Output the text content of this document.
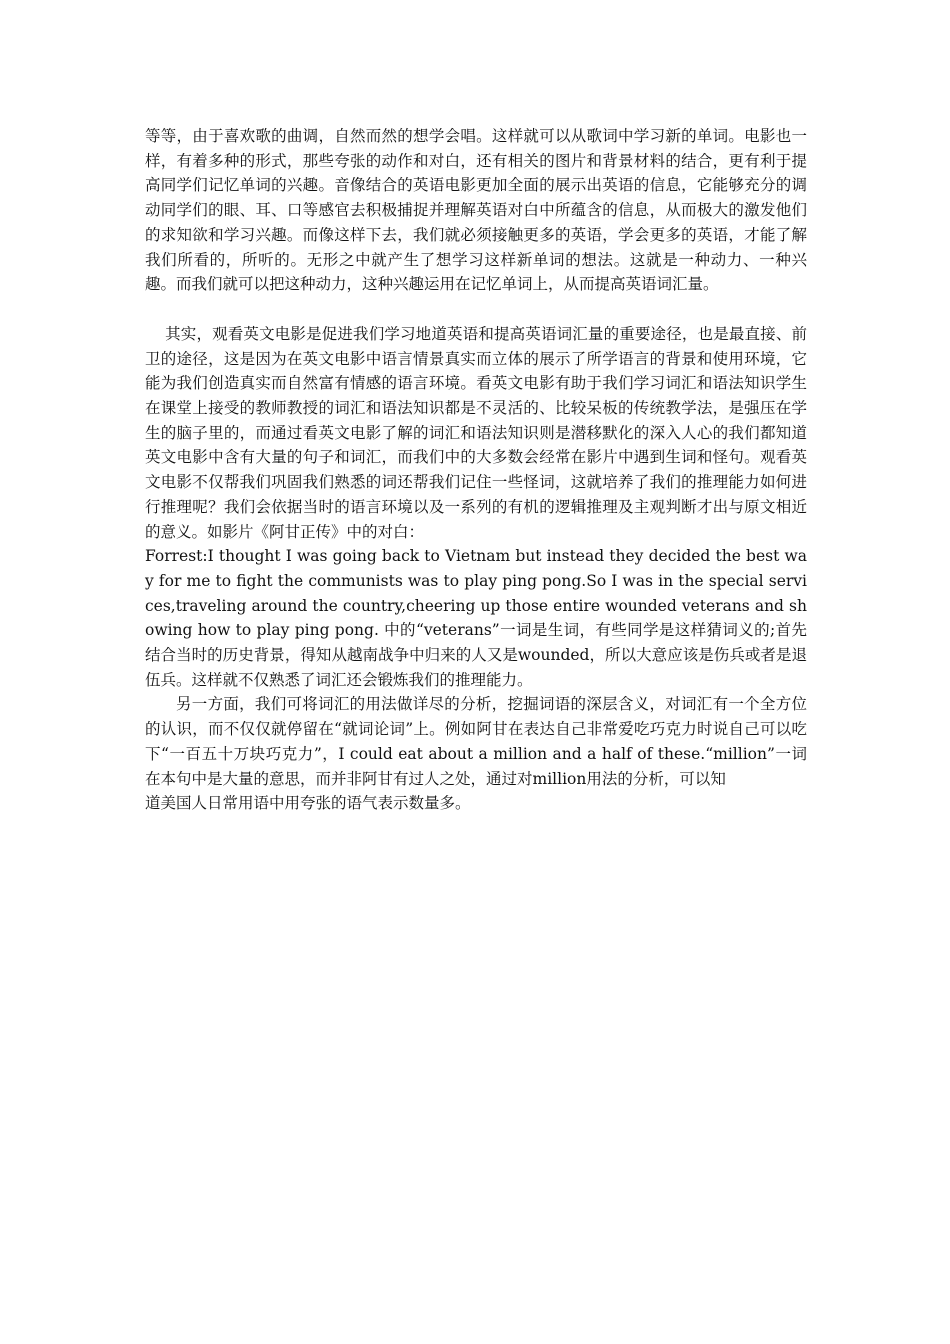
等等，由于喜欢歌的曲调，自然而然的想学会唱。这样就可以从歌词中学习新的单词。电影也一样，有着多种的形式，那些夸张的动作和对白，还有相关的图片和背景材料的结合，更有利于提高同学们记忆单词的兴趣。音像结合的英语电影更加全面的展示出英语的信息，它能够充分的调动同学们的眼、耳、口等感官去积极捕捉并理解英语对白中所蕴含的信息，从而极大的激发他们的求知欲和学习兴趣。而像这样下去，我们就必须接触更多的英语，学会更多的英语，才能了解我们所看的，所听的。无形之中就产生了想学习这样新单词的想法。这就是一种动力、一种兴趣。而我们就可以把这种动力，这种兴趣运用在记忆单词上，从而提高英语词汇量。

其实，观看英文电影是促进我们学习地道英语和提高英语词汇量的重要途径，也是最直接、前卫的途径，这是因为在英文电影中语言情景真实而立体的展示了所学语言的背景和使用环境，它能为我们创造真实而自然富有情感的语言环境。看英文电影有助于我们学习词汇和语法知识学生在课堂上接受的教师教授的词汇和语法知识都是不灵活的、比较呆板的传统教学法，是强压在学生的脑子里的，而通过看英文电影了解的词汇和语法知识则是潜移默化的深入人心的我们都知道英文电影中含有大量的句子和词汇，而我们中的大多数会经常在影片中遇到生词和怪句。观看英文电影不仅帮我们巩固我们熟悉的词还帮我们记住一些怪词，这就培养了我们的推理能力如何进行推理呢？我们会依据当时的语言环境以及一系列的有机的逻辑推理及主观判断才出与原文相近的意义。如影片《阿甘正传》中的对白：

Forrest:I thought I was going back to Vietnam but instead they decided the best way for me to fight the communists was to play ping pong.So I was in the special services,traveling around the country,cheering up those entire wounded veterans and showing how to play ping pong. 中的“veterans”一词是生词，有些同学是这样猜词义的;首先结合当时的历史背景，得知从越南战争中归来的人又是wounded，所以大意应该是伤兵或者是退伍兵。这样就不仅熟悉了词汇还会锻炼我们的推理能力。

另一方面，我们可将词汇的用法做详尽的分析，挖掘词语的深层含义，对词汇有一个全方位的认识，而不仅仅就停留在“就词论词”上。例如阿甘在表达自己非常爱吃巧克力时说自己可以吃下“一百五十万块巧克力”，I could eat about a million and a half of these.“million”一词在本句中是大量的意思，而并非阿甘有过人之处，通过对million用法的分析，可以知

道美国人日常用语中用夸张的语气表示数量多。
